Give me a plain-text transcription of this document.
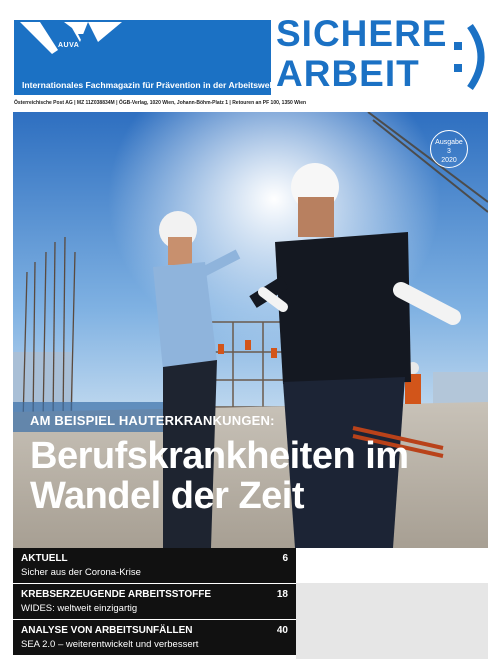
AUVA
Internationales Fachmagazin für Prävention in der Arbeitswelt
SICHERE
ARBEIT
Österreichische Post AG | MZ 11Z038834M | ÖGB-Verlag, 1020 Wien, Johann-Böhm-Platz 1 | Retouren an PF 100, 1350 Wien
Ausgabe
3
2020
AM BEISPIEL HAUTERKRANKUNGEN:
Berufskrankheiten im
Wandel der Zeit
AKTUELL
Sicher aus der Corona-Krise
6
KREBSERZEUGENDE ARBEITSSTOFFE
WIDES: weltweit einzigartig
18
ANALYSE VON ARBEITSUNFÄLLEN
SEA 2.0 – weiterentwickelt und verbessert
40
